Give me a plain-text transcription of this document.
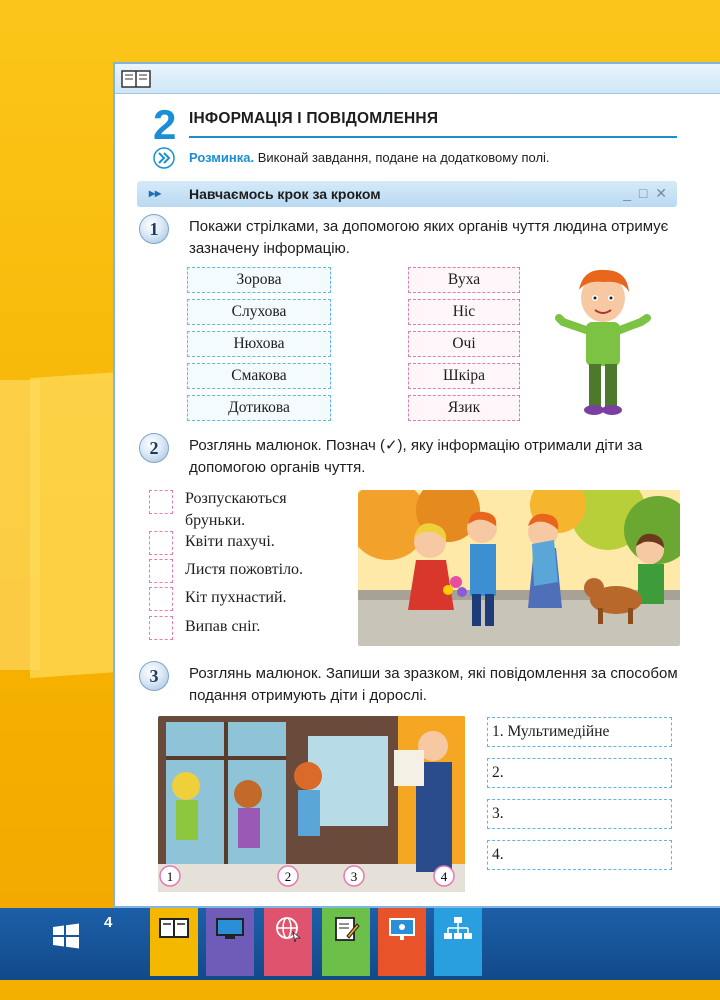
2 ІНФОРМАЦІЯ І ПОВІДОМЛЕННЯ
Розминка. Виконай завдання, подане на додатковому полі.
▸▸ Навчаємось крок за кроком	_ □ ✕
1	Покажи стрілками, за допомогою яких органів чуття людина отримує зазначену інформацію.
Зорова
Слухова
Нюхова
Смакова
Дотикова
Вуха
Ніс
Очі
Шкіра
Язик
2	Розглянь малюнок. Познач (✓), яку інформацію отримали діти за допомогою органів чуття.
Розпускаються
бруньки.
Квіти пахучі.
Листя пожовтіло.
Кіт пухнастий.
Випав сніг.
3	Розглянь малюнок. Запиши за зразком, які повідомлення за способом подання отримують діти і дорослі.
1	2	3	4
1. Мультимедійне
2.
3.
4.
4
